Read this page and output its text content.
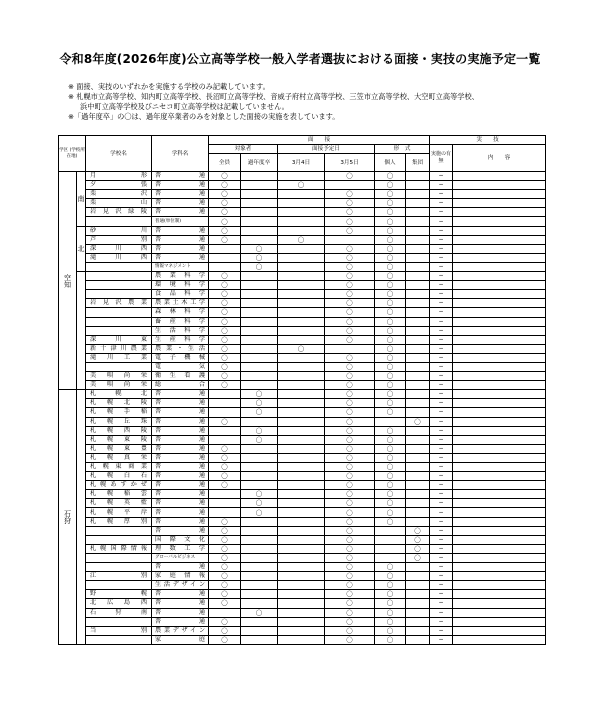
令和8年度(2026年度)公立高等学校一般入学者選抜における面接・実技の実施予定一覧
※ 面接、実技のいずれかを実施する学校のみ記載しています。
※ 札幌市立高等学校、知内町立高等学校、長沼町立高等学校、音威子府村立高等学校、三笠市立高等学校、大空町立高等学校、
浜中町立高等学校及びニセコ町立高等学校は記載していません。
※「過年度卒」の〇は、過年度卒業者のみを対象とした面接の実施を表しています。
学区 (学校所在地)		学校名	学科名	面　　接						実　　技	
				対象者		面接予定日		形　式		実施の有無	内　　容
				全員	過年度卒	3月4日	3月5日	個人	集団		

空知	南	月　形	普　通	〇			〇	〇		−	
		夕　張	普　通	〇		〇		〇		−	
		栗　沢	普　通	〇			〇	〇		−	
		栗　山	普　通	〇			〇	〇		−	
		岩見沢緑陵	普　通	〇			〇	〇		−	
			普通(単位制)	〇			〇	〇		−	
	北	砂　川	普　通	〇			〇	〇		−	
		芦　別	普　通	〇		〇		〇		−	
		深川西	普　通		〇		〇	〇		−	
		滝川西	普　通		〇		〇	〇		−	
			情報マネジメント		〇		〇	〇		−	
			農業科学	〇			〇	〇		−	
			環境科学	〇			〇	〇		−	
			食品科学	〇			〇	〇		−	
		岩見沢農業	農業土木工学	〇			〇	〇		−	
			森林科学	〇			〇	〇		−	
			畜産科学	〇			〇	〇		−	
			生活科学	〇			〇	〇		−	
		深川東	生産科学	〇			〇	〇		−	
		新十津川農業	農業・生活	〇		〇		〇		−	
		滝川工業	電子機械	〇			〇	〇		−	
			電　気	〇			〇	〇		−	
		美唄尚栄	衛生看護	〇			〇	〇		−	
		美唄尚栄	総　合	〇			〇	〇		−	

石狩		札幌北	普　通		〇		〇	〇		−	
		札幌北陵	普　通		〇		〇	〇		−	
		札幌手稲	普　通		〇		〇	〇		−	
		札幌丘珠	普　通	〇			〇		〇	−	
		札幌西陵	普　通		〇		〇	〇		−	
		札幌東陵	普　通		〇		〇	〇		−	
		札幌東豊	普　通	〇			〇	〇		−	
		札幌真栄	普　通	〇			〇	〇		−	
		札幌東商業	普　通	〇			〇	〇		−	
		札幌白石	普　通	〇			〇	〇		−	
		札幌あすかぜ	普　通	〇			〇	〇		−	
		札幌稲雲	普　通		〇		〇	〇		−	
		札幌英藍	普　通		〇		〇	〇		−	
		札幌平岸	普　通		〇		〇	〇		−	
		札幌厚別	普　通	〇			〇	〇		−	
			普　通	〇			〇		〇	−	
			国際文化	〇			〇		〇	−	
		札幌国際情報	理数工学	〇			〇		〇	−	
			グローバルビジネス	〇			〇		〇	−	
			普　通	〇			〇	〇		−	
		江　別	家庭情報	〇			〇	〇		−	
			生活デザイン	〇			〇	〇		−	
		野　幌	普　通	〇			〇	〇		−	
		北広島西	普　通	〇			〇	〇		−	
		石狩南	普　通		〇		〇	〇		−	
			普　通	〇			〇	〇		−	
		当　別	農業デザイン	〇			〇	〇		−	
			家　庭	〇			〇	〇		−	
